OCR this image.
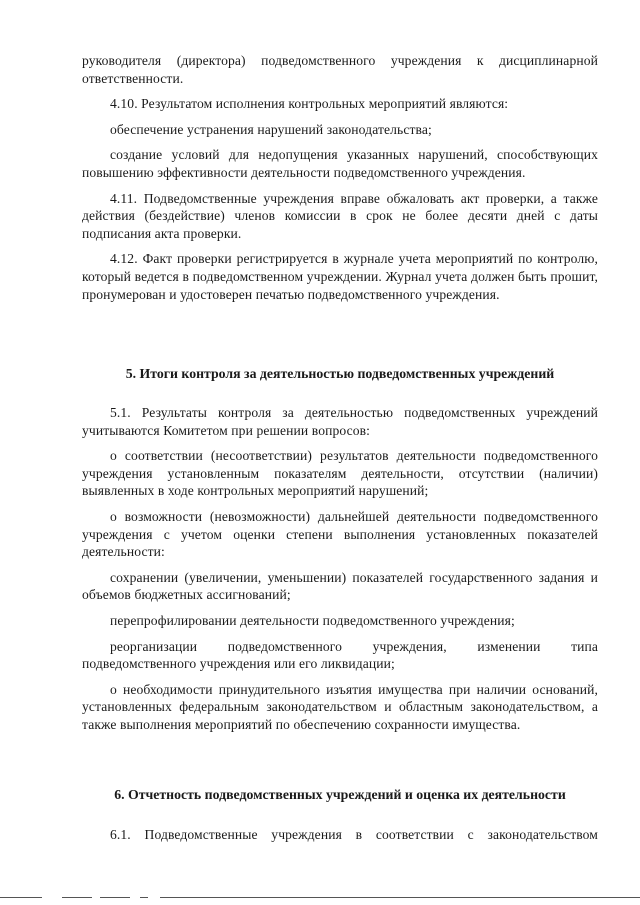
руководителя (директора) подведомственного учреждения к дисциплинарной ответственности.

4.10. Результатом исполнения контрольных мероприятий являются:

обеспечение устранения нарушений законодательства;

создание условий для недопущения указанных нарушений, способствующих повышению эффективности деятельности подведомственного учреждения.

4.11. Подведомственные учреждения вправе обжаловать акт проверки, а также действия (бездействие) членов комиссии в срок не более десяти дней с даты подписания акта проверки.

4.12. Факт проверки регистрируется в журнале учета мероприятий по контролю, который ведется в подведомственном учреждении. Журнал учета должен быть прошит, пронумерован и удостоверен печатью подведомственного учреждения.

5. Итоги контроля за деятельностью подведомственных учреждений

5.1. Результаты контроля за деятельностью подведомственных учреждений учитываются Комитетом при решении вопросов:

о соответствии (несоответствии) результатов деятельности подведомственного учреждения установленным показателям деятельности, отсутствии (наличии) выявленных в ходе контрольных мероприятий нарушений;

о возможности (невозможности) дальнейшей деятельности подведомственного учреждения с учетом оценки степени выполнения установленных показателей деятельности:

сохранении (увеличении, уменьшении) показателей государственного задания и объемов бюджетных ассигнований;

перепрофилировании деятельности подведомственного учреждения;

реорганизации подведомственного учреждения, изменении типа подведомственного учреждения или его ликвидации;

о необходимости принудительного изъятия имущества при наличии оснований, установленных федеральным законодательством и областным законодательством, а также выполнения мероприятий по обеспечению сохранности имущества.

6. Отчетность подведомственных учреждений и оценка их деятельности

6.1. Подведомственные учреждения в соответствии с законодательством
